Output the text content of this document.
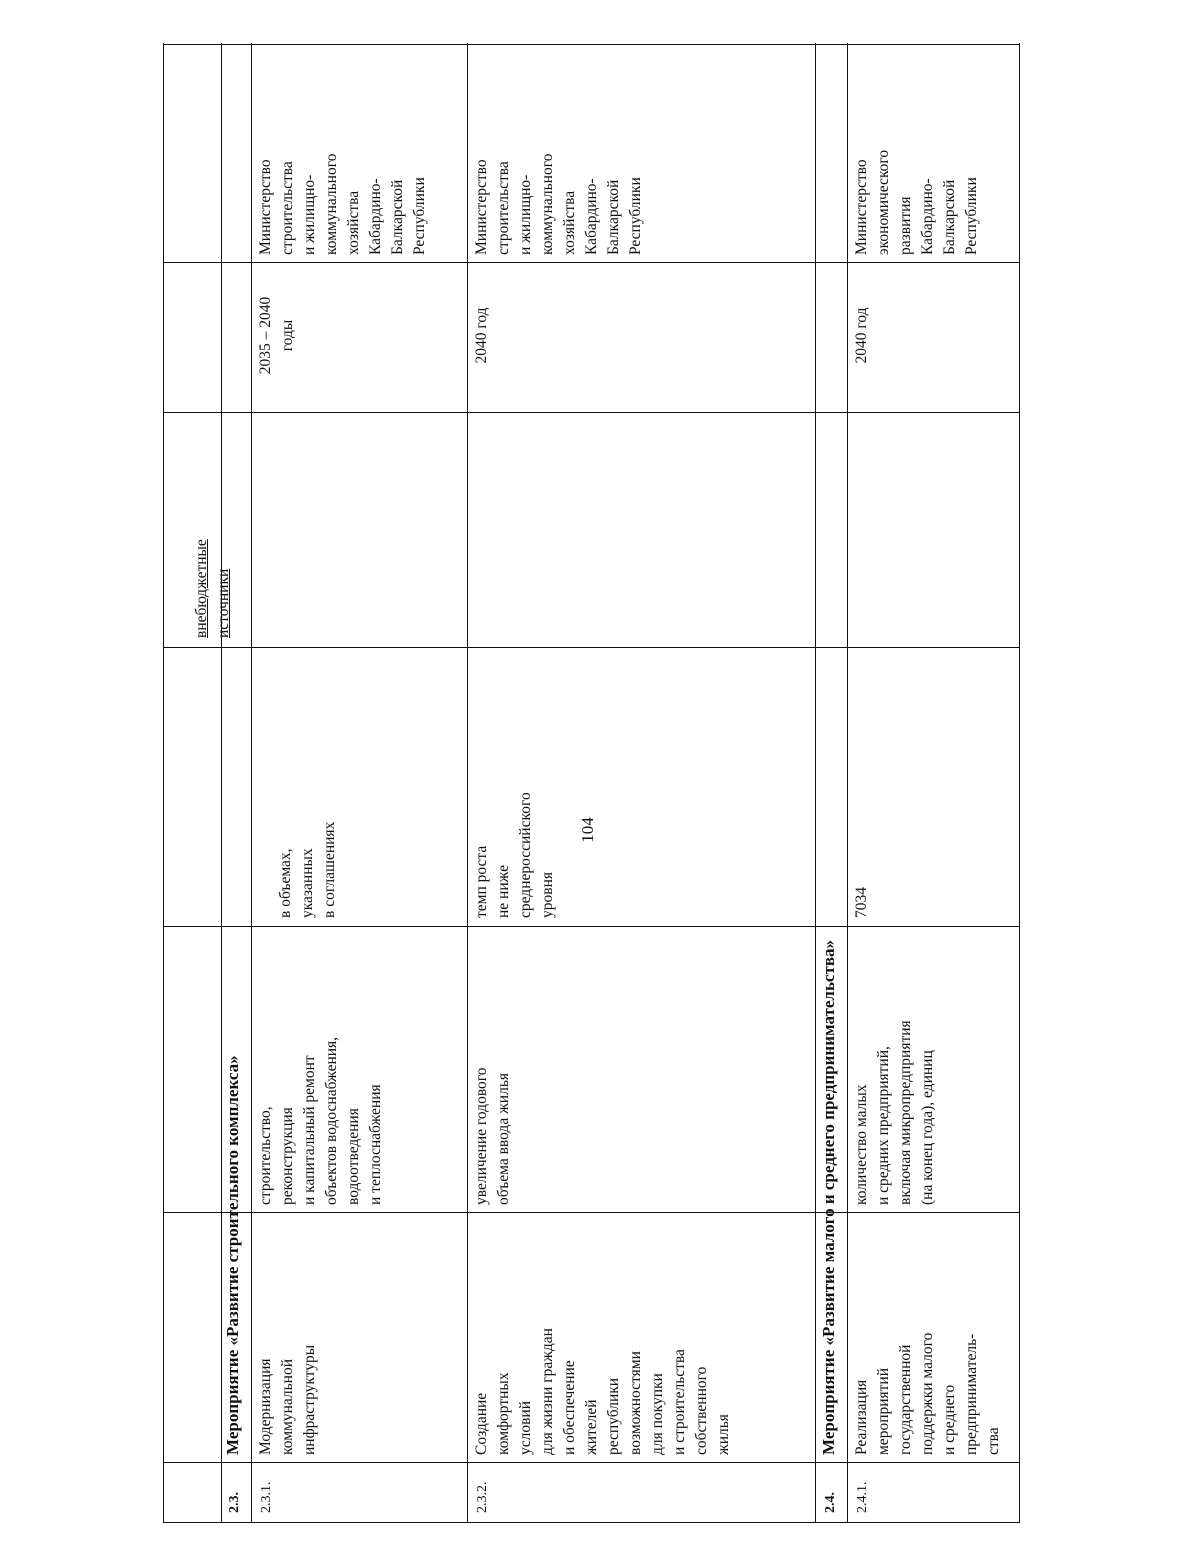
104
внебюджетные
источники
2.3.
Мероприятие «Развитие строительного комплекса»
2.3.1.
Модернизация
коммунальной
инфраструктуры
строительство,
реконструкция
и капитальный ремонт
объектов водоснабжения,
водоотведения
и теплоснабжения
в объемах,
указанных
в соглашениях
2035 – 2040
годы
Министерство
строительства
и жилищно-
коммунального
хозяйства
Кабардино-
Балкарской
Республики
2.3.2.
Создание
комфортных
условий
для жизни граждан
и обеспечение
жителей
республики
возможностями
для покупки
и строительства
собственного
жилья
увеличение годового
объема ввода жилья
темп роста
не ниже
среднероссийского
уровня
2040 год
Министерство
строительства
и жилищно-
коммунального
хозяйства
Кабардино-
Балкарской
Республики
2.4.
Мероприятие «Развитие малого и среднего предпринимательства»
2.4.1.
Реализация
мероприятий
государственной
поддержки малого
и среднего
предприниматель-
ства
количество малых
и средних предприятий,
включая микропредприятия
(на конец года), единиц
7034
2040 год
Министерство
экономического
развития
Кабардино-
Балкарской
Республики
